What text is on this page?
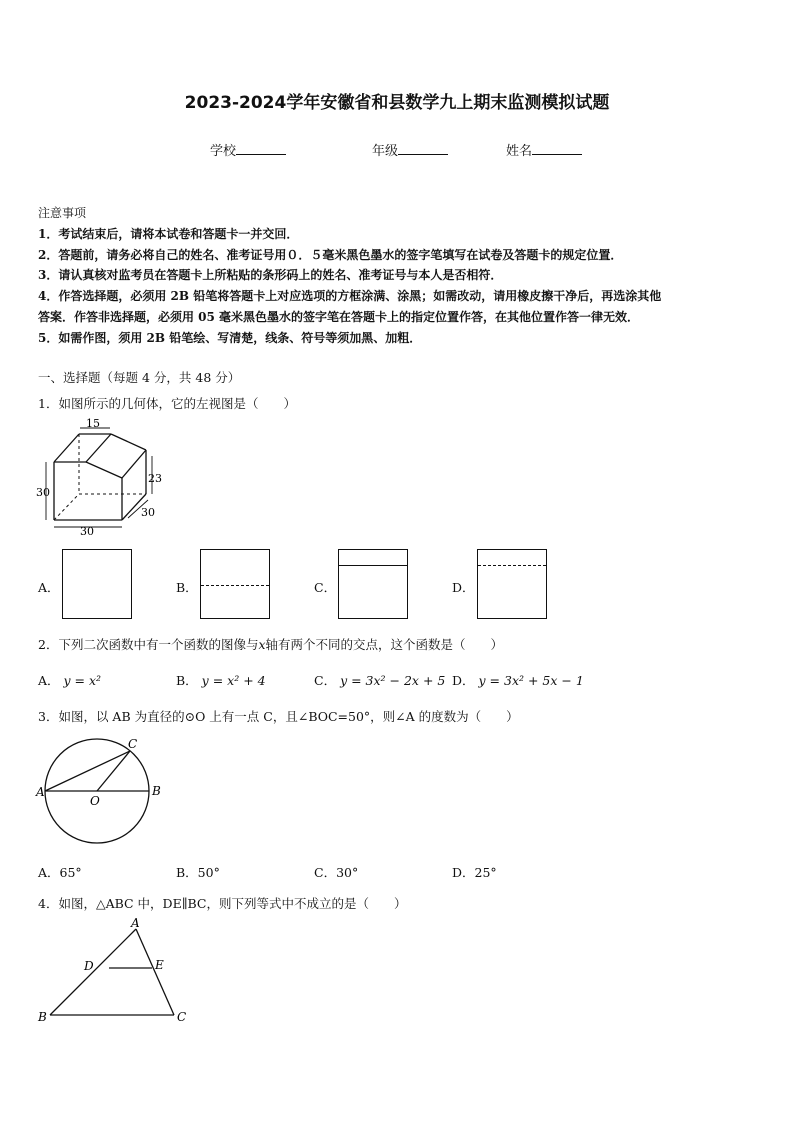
2023-2024学年安徽省和县数学九上期末监测模拟试题
学校	年级	姓名

注意事项

1．考试结束后，请将本试卷和答题卡一并交回．

2．答题前，请务必将自己的姓名、准考证号用０．５毫米黑色墨水的签字笔填写在试卷及答题卡的规定位置．

3．请认真核对监考员在答题卡上所粘贴的条形码上的姓名、准考证号与本人是否相符．

4．作答选择题，必须用 2B 铅笔将答题卡上对应选项的方框涂满、涂黑；如需改动，请用橡皮擦干净后，再选涂其他

答案．作答非选择题，必须用 05 毫米黑色墨水的签字笔在答题卡上的指定位置作答，在其他位置作答一律无效．

5．如需作图，须用 2B 铅笔绘、写清楚，线条、符号等须加黑、加粗．

一、选择题（每题 4 分，共 48 分）
1．如图所示的几何体，它的左视图是（　　）
15
30
23
30
30
A．	B．	C．	D．
2．下列二次函数中有一个函数的图像与x轴有两个不同的交点，这个函数是（　　）
A． y = x²	B． y = x² + 4	C． y = 3x² − 2x + 5 D． y = 3x² + 5x − 1
3．如图，以 AB 为直径的⊙O 上有一点 C，且∠BOC=50°，则∠A 的度数为（　　）
A	B
C
O
A．65°	B．50°	C．30°	D．25°
4．如图，△ABC 中，DE∥BC，则下列等式中不成立的是（　　）
A
B	C
D	E
